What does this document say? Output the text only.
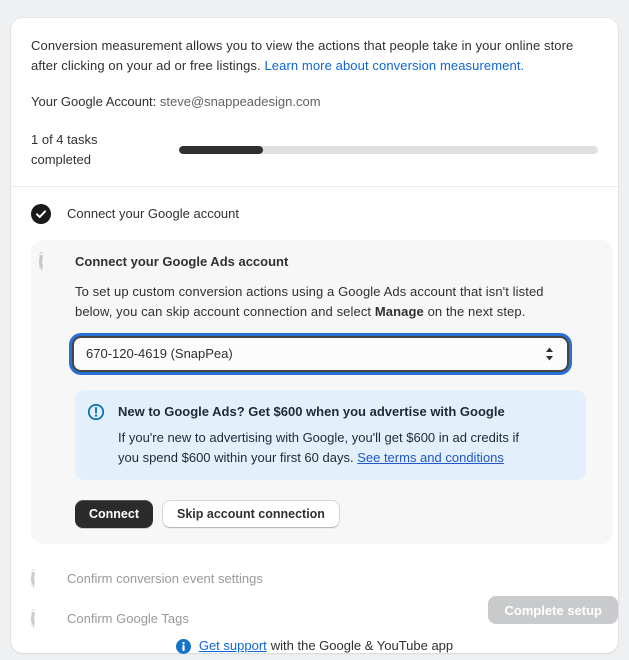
Conversion measurement allows you to view the actions that people take in your online store
after clicking on your ad or free listings. Learn more about conversion measurement.

Your Google Account: steve@snappeadesign.com

1 of 4 tasks completed
Connect your Google account
Connect your Google Ads account

To set up custom conversion actions using a Google Ads account that isn't listed
below, you can skip account connection and select Manage on the next step.

670-120-4619 (SnapPea)
New to Google Ads? Get $600 when you advertise with Google
If you're new to advertising with Google, you'll get $600 in ad credits if
you spend $600 within your first 60 days. See terms and conditions
Connect	Skip account connection
Confirm conversion event settings
Confirm Google Tags
Complete setup
Get support with the Google & YouTube app
